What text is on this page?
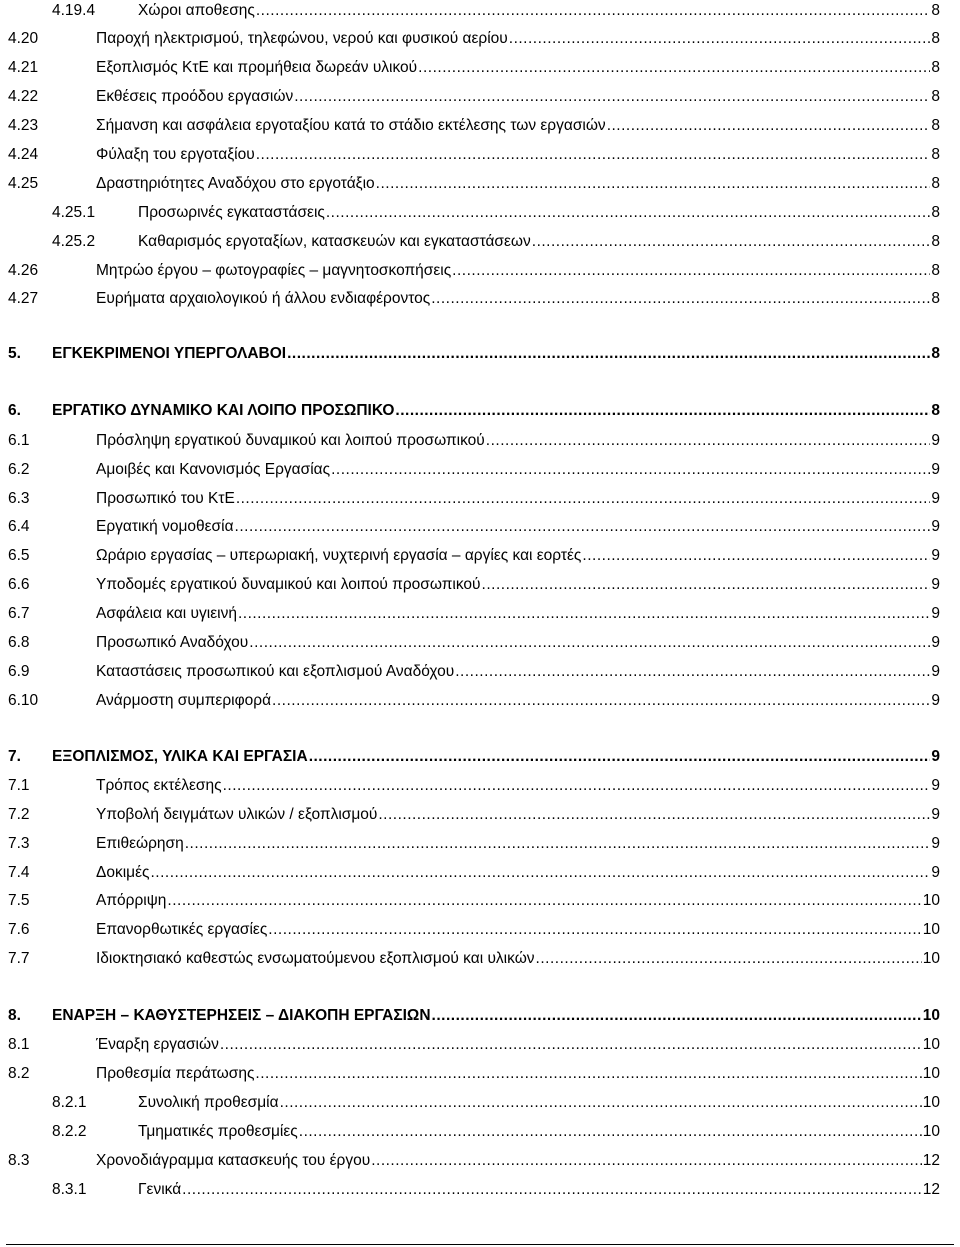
4.19.4	Χώροι αποθεσης .....	8
4.20	Παροχή ηλεκτρισμού, τηλεφώνου, νερού και φυσικού αερίου .....	8
4.21	Εξοπλισμός ΚτΕ και προμήθεια δωρεάν υλικού .....	8
4.22	Εκθέσεις προόδου εργασιών .....	8
4.23	Σήμανση και ασφάλεια εργοταξίου κατά το στάδιο εκτέλεσης των εργασιών .....	8
4.24	Φύλαξη του εργοταξίου .....	8
4.25	Δραστηριότητες Αναδόχου στο εργοτάξιο .....	8
4.25.1	Προσωρινές εγκαταστάσεις .....	8
4.25.2	Καθαρισμός εργοταξίων, κατασκευών και εγκαταστάσεων .....	8
4.26	Μητρώο έργου – φωτογραφίες – μαγνητοσκοπήσεις .....	8
4.27	Ευρήματα αρχαιολογικού ή άλλου ενδιαφέροντος .....	8
5. ΕΓΚΕΚΡΙΜΕΝΟΙ ΥΠΕΡΓΟΛΑΒΟΙ .....	8
6. ΕΡΓΑΤΙΚΟ ΔΥΝΑΜΙΚΟ ΚΑΙ ΛΟΙΠΟ ΠΡΟΣΩΠΙΚΟ .....	8
6.1	Πρόσληψη εργατικού δυναμικού και λοιπού προσωπικού .....	9
6.2	Αμοιβές και Κανονισμός Εργασίας .....	9
6.3	Προσωπικό του ΚτΕ .....	9
6.4	Εργατική νομοθεσία .....	9
6.5	Ωράριο εργασίας – υπερωριακή, νυχτερινή εργασία – αργίες και εορτές .....	9
6.6	Υποδομές εργατικού δυναμικού και λοιπού προσωπικού .....	9
6.7	Ασφάλεια και υγιεινή .....	9
6.8	Προσωπικό Αναδόχου .....	9
6.9	Καταστάσεις προσωπικού και εξοπλισμού Αναδόχου .....	9
6.10	Ανάρμοστη συμπεριφορά .....	9
7. ΕΞΟΠΛΙΣΜΟΣ, ΥΛΙΚΑ ΚΑΙ ΕΡΓΑΣΙΑ .....	9
7.1	Τρόπος εκτέλεσης .....	9
7.2	Υποβολή δειγμάτων υλικών / εξοπλισμού .....	9
7.3	Επιθεώρηση .....	9
7.4	Δοκιμές .....	9
7.5	Απόρριψη .....	10
7.6	Επανορθωτικές εργασίες .....	10
7.7	Ιδιοκτησιακό καθεστώς ενσωματούμενου εξοπλισμού και υλικών .....	10
8. ΕΝΑΡΞΗ – ΚΑΘΥΣΤΕΡΗΣΕΙΣ – ΔΙΑΚΟΠΗ ΕΡΓΑΣΙΩΝ .....	10
8.1	Έναρξη εργασιών .....	10
8.2	Προθεσμία περάτωσης .....	10
8.2.1	Συνολική προθεσμία .....	10
8.2.2	Τμηματικές προθεσμίες .....	10
8.3	Χρονοδιάγραμμα κατασκευής του έργου .....	12
8.3.1	Γενικά .....	12
